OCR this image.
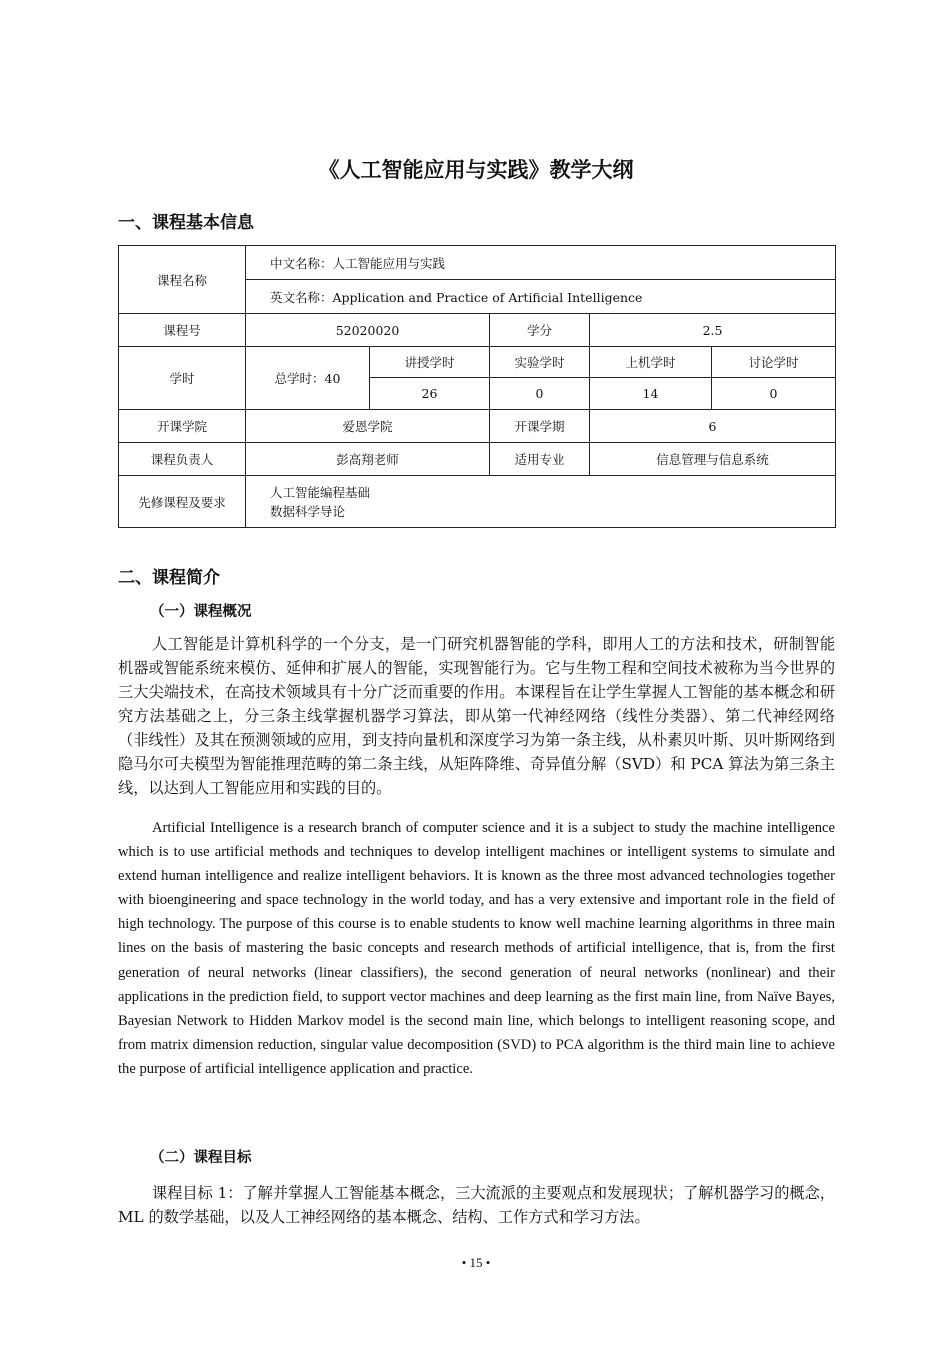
《人工智能应用与实践》教学大纲
一、课程基本信息
课程名称	中文名称：人工智能应用与实践				
	英文名称：Application and Practice of Artificial Intelligence				
课程号	52020020		学分	2.5	
学时	总学时：40	讲授学时	实验学时	上机学时	讨论学时
		26	0	14	0
开课学院	爱恩学院		开课学期	6	
课程负责人	彭高翔老师		适用专业	信息管理与信息系统	
先修课程及要求	人工智能编程基础
数据科学导论				
二、课程简介
（一）课程概况

人工智能是计算机科学的一个分支，是一门研究机器智能的学科，即用人工的方法和技术，研制智能机器或智能系统来模仿、延伸和扩展人的智能，实现智能行为。它与生物工程和空间技术被称为当今世界的三大尖端技术，在高技术领域具有十分广泛而重要的作用。本课程旨在让学生掌握人工智能的基本概念和研究方法基础之上，分三条主线掌握机器学习算法，即从第一代神经网络（线性分类器）、第二代神经网络（非线性）及其在预测领域的应用，到支持向量机和深度学习为第一条主线，从朴素贝叶斯、贝叶斯网络到隐马尔可夫模型为智能推理范畴的第二条主线，从矩阵降维、奇异值分解（SVD）和 PCA 算法为第三条主线，以达到人工智能应用和实践的目的。

Artificial Intelligence is a research branch of computer science and it is a subject to study the machine intelligence which is to use artificial methods and techniques to develop intelligent machines or intelligent systems to simulate and extend human intelligence and realize intelligent behaviors. It is known as the three most advanced technologies together with bioengineering and space technology in the world today, and has a very extensive and important role in the field of high technology. The purpose of this course is to enable students to know well machine learning algorithms in three main lines on the basis of mastering the basic concepts and research methods of artificial intelligence, that is, from the first generation of neural networks (linear classifiers), the second generation of neural networks (nonlinear) and their applications in the prediction field, to support vector machines and deep learning as the first main line, from Naïve Bayes, Bayesian Network to Hidden Markov model is the second main line, which belongs to intelligent reasoning scope, and from matrix dimension reduction, singular value decomposition (SVD) to PCA algorithm is the third main line to achieve the purpose of artificial intelligence application and practice.

（二）课程目标

课程目标 1：了解并掌握人工智能基本概念，三大流派的主要观点和发展现状；了解机器学习的概念，ML 的数学基础，以及人工神经网络的基本概念、结构、工作方式和学习方法。

• 15 •
